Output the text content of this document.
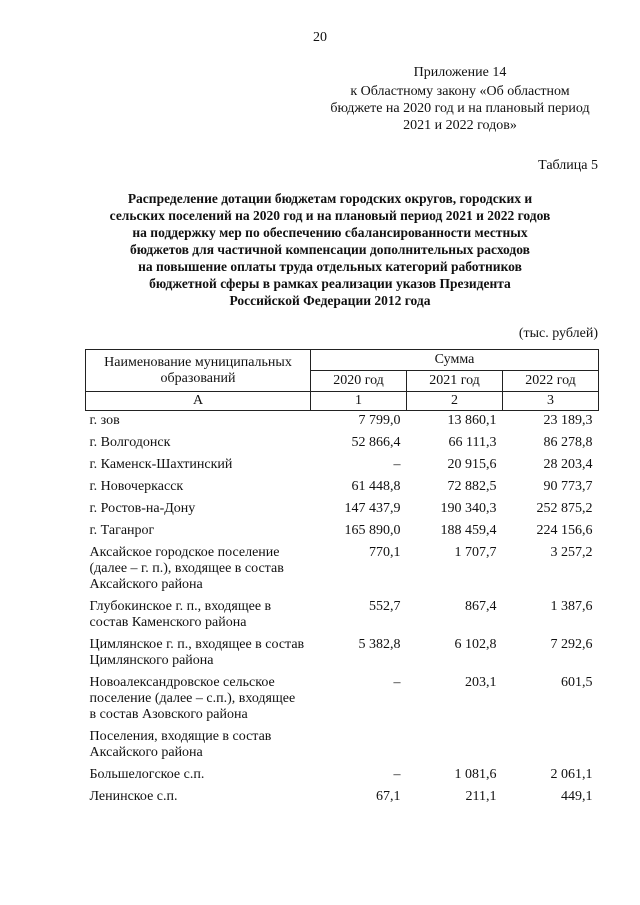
20
Приложение 14
к Областному закону «Об областном бюджете на 2020 год и на плановый период 2021 и 2022 годов»
Таблица 5
Распределение дотации бюджетам городских округов, городских и
сельских поселений на 2020 год и на плановый период 2021 и 2022 годов
на поддержку мер по обеспечению сбалансированности местных
бюджетов для частичной компенсации дополнительных расходов
на повышение оплаты труда отдельных категорий работников
бюджетной сферы в рамках реализации указов Президента
Российской Федерации 2012 года
(тыс. рублей)
Наименование муниципальных образований	Сумма		
	2020 год	2021 год	2022 год
А	1	2	3
г. зов	7 799,0	13 860,1	23 189,3
г. Волгодонск	52 866,4	66 111,3	86 278,8
г. Каменск-Шахтинский	–	20 915,6	28 203,4
г. Новочеркасск	61 448,8	72 882,5	90 773,7
г. Ростов-на-Дону	147 437,9	190 340,3	252 875,2
г. Таганрог	165 890,0	188 459,4	224 156,6
Аксайское городское поселение (далее – г. п.), входящее в состав Аксайского района	770,1	1 707,7	3 257,2
Глубокинское г. п., входящее в состав Каменского района	552,7	867,4	1 387,6
Цимлянское г. п., входящее в состав Цимлянского района	5 382,8	6 102,8	7 292,6
Новоалександровское сельское поселение (далее – с.п.), входящее в состав Азовского района	–	203,1	601,5
Поселения, входящие в состав Аксайского района			
Большелогское с.п.	–	1 081,6	2 061,1
Ленинское с.п.	67,1	211,1	449,1
